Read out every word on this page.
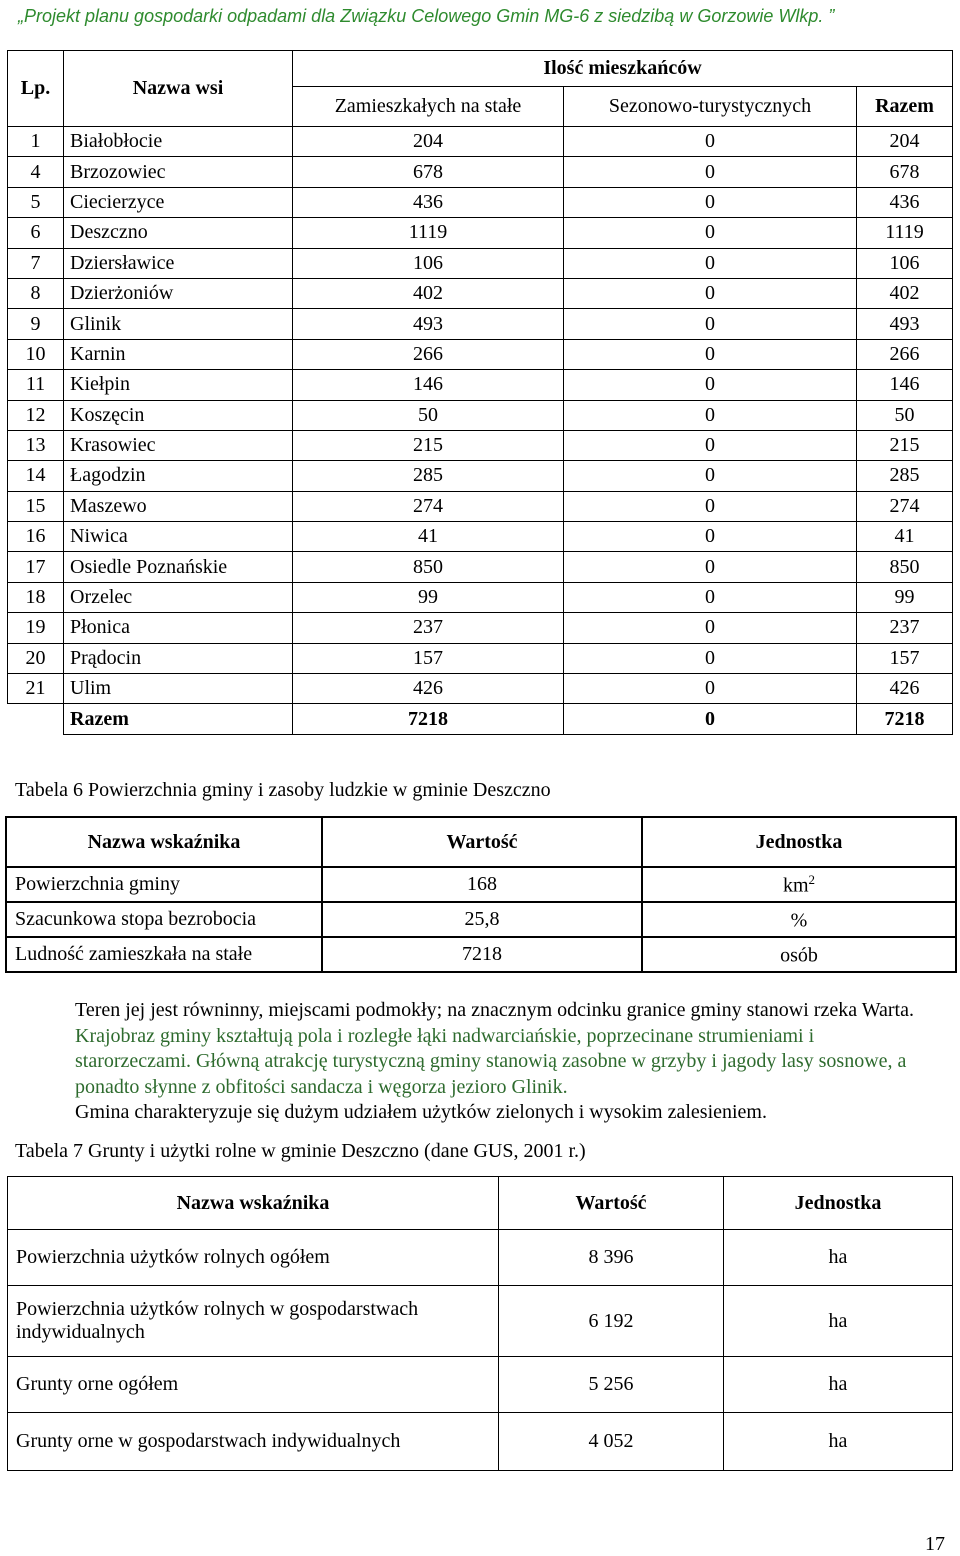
„Projekt planu gospodarki odpadami dla Związku Celowego Gmin MG-6 z siedzibą w Gorzowie Wlkp. ”
Lp.	Nazwa wsi	Ilość mieszkańców		
		Zamieszkałych na stałe	Sezonowo-turystycznych	Razem
1	Białobłocie	204	0	204
4	Brzozowiec	678	0	678
5	Ciecierzyce	436	0	436
6	Deszczno	1119	0	1119
7	Dziersławice	106	0	106
8	Dzierżoniów	402	0	402
9	Glinik	493	0	493
10	Karnin	266	0	266
11	Kiełpin	146	0	146
12	Koszęcin	50	0	50
13	Krasowiec	215	0	215
14	Łagodzin	285	0	285
15	Maszewo	274	0	274
16	Niwica	41	0	41
17	Osiedle Poznańskie	850	0	850
18	Orzelec	99	0	99
19	Płonica	237	0	237
20	Prądocin	157	0	157
21	Ulim	426	0	426
	Razem	7218	0	7218
Tabela 6 Powierzchnia gminy i zasoby ludzkie w gminie Deszczno
Nazwa wskaźnika	Wartość	Jednostka
Powierzchnia gminy	168	$km^2$
Szacunkowa stopa bezrobocia	25,8	%
Ludność zamieszkała na stałe	7218	osób
Teren jej jest równinny, miejscami podmokły; na znacznym odcinku granice gminy stanowi rzeka Warta. Krajobraz gminy kształtują pola i rozległe łąki nadwarciańskie, poprzecinane strumieniami i starorzeczami. Główną atrakcję turystyczną gminy stanowią zasobne w grzyby i jagody lasy sosnowe, a ponadto słynne z obfitości sandacza i węgorza jezioro Glinik.
Gmina charakteryzuje się dużym udziałem użytków zielonych i wysokim zalesieniem.
Tabela 7 Grunty i użytki rolne w gminie Deszczno (dane GUS, 2001 r.)
Nazwa wskaźnika	Wartość	Jednostka
Powierzchnia użytków rolnych ogółem	8 396	ha
Powierzchnia użytków rolnych w gospodarstwach indywidualnych	6 192	ha
Grunty orne ogółem	5 256	ha
Grunty orne w gospodarstwach indywidualnych	4 052	ha
17
